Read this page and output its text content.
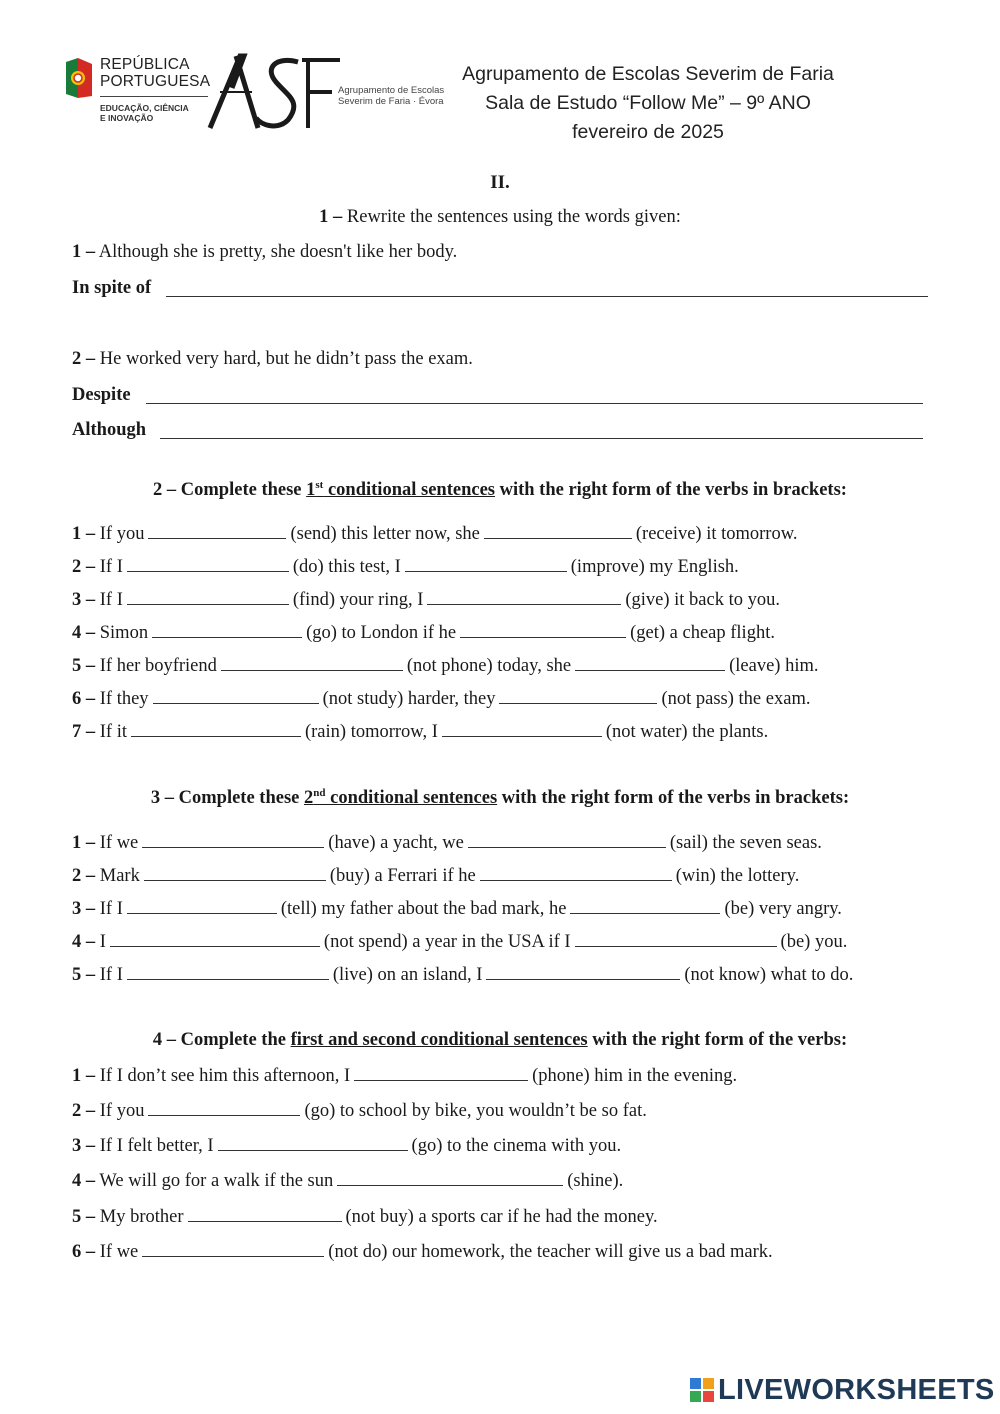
REPÚBLICA
PORTUGUESA
EDUCAÇÃO, CIÊNCIA
E INOVAÇÃO
Agrupamento de Escolas
Severim de Faria · Évora
Agrupamento de Escolas Severim de Faria
Sala de Estudo “Follow Me” – 9º ANO
fevereiro de 2025
II.
1 – Rewrite the sentences using the words given:
1 – Although she is pretty, she doesn't like her body.
In spite of
2 – He worked very hard, but he didn’t pass the exam.
Despite
Although
2 – Complete these 1st conditional sentences with the right form of the verbs in brackets:
1 – If you	(send) this letter now, she	(receive) it tomorrow.
2 – If I	(do) this test, I	(improve) my English.
3 – If I	(find) your ring, I	(give) it back to you.
4 – Simon	(go) to London if he	(get) a cheap flight.
5 – If her boyfriend	(not phone) today, she	(leave) him.
6 – If they	(not study) harder, they	(not pass) the exam.
7 – If it	(rain) tomorrow, I	(not water) the plants.
3 – Complete these 2nd conditional sentences with the right form of the verbs in brackets:
1 – If we	(have) a yacht, we	(sail) the seven seas.
2 – Mark	(buy) a Ferrari if he	(win) the lottery.
3 – If I	(tell) my father about the bad mark, he	(be) very angry.
4 – I	(not spend) a year in the USA if I	(be) you.
5 – If I	(live) on an island, I	(not know) what to do.
4 – Complete the first and second conditional sentences with the right form of the verbs:
1 – If I don’t see him this afternoon, I	(phone) him in the evening.
2 – If you	(go) to school by bike, you wouldn’t be so fat.
3 – If I felt better, I	(go) to the cinema with you.
4 – We will go for a walk if the sun	(shine).
5 – My brother	(not buy) a sports car if he had the money.
6 – If we	(not do) our homework, the teacher will give us a bad mark.
LIVEWORKSHEETS
